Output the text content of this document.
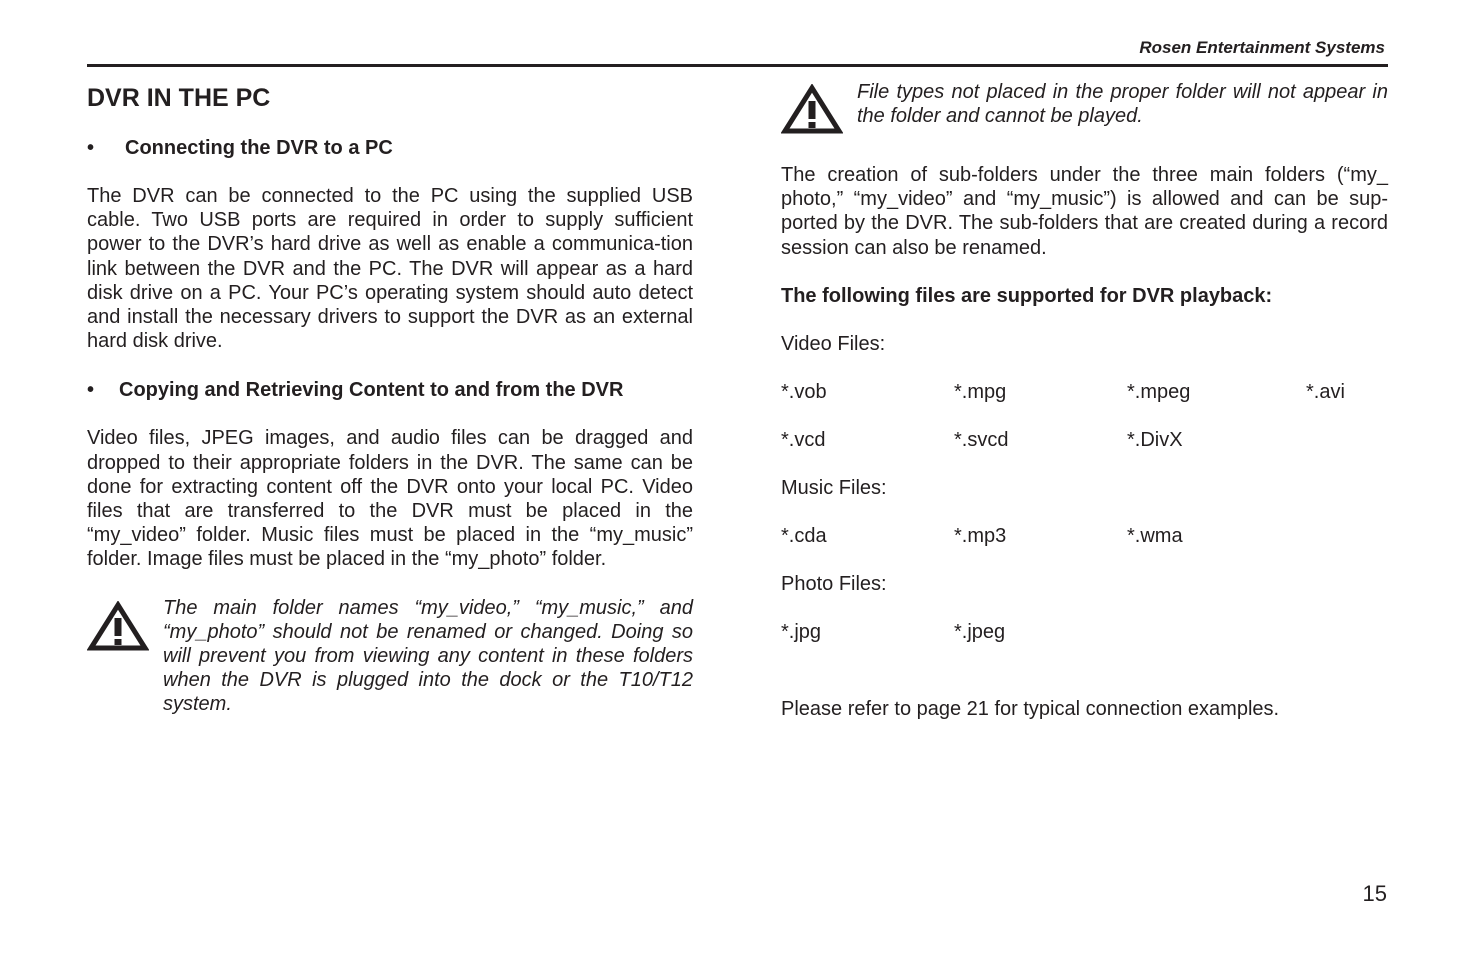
Rosen Entertainment Systems
DVR IN THE PC
•	Connecting the DVR to a PC

The DVR can be connected to the PC using the supplied USB cable. Two USB ports are required in order to supply sufficient power to the DVR’s hard drive as well as enable a communica-tion link between the DVR and the PC. The DVR will appear as a hard disk drive on a PC. Your PC’s operating system should auto detect and install the necessary drivers to support the DVR as an external hard disk drive.

•	Copying and Retrieving Content to and from the DVR

Video files, JPEG images, and audio files can be dragged and dropped to their appropriate folders in the DVR. The same can be done for extracting content off the DVR onto your local PC. Video files that are transferred to the DVR must be placed in the “my_video” folder. Music files must be placed in the “my_music” folder. Image files must be placed in the “my_photo” folder.

The main folder names “my_video,” “my_music,” and “my_photo” should not be renamed or changed. Doing so will prevent you from viewing any content in these folders when the DVR is plugged into the dock or the T10/T12 system.

File types not placed in the proper folder will not appear in the folder and cannot be played.

The creation of sub-folders under the three main folders (“my_ photo,” “my_video” and “my_music”) is allowed and can be sup-ported by the DVR. The sub-folders that are created during a record session can also be renamed.

The following files are supported for DVR playback:
Video Files:
*.vob	*.mpg	*.mpeg	*.avi
*.vcd	*.svcd	*.DivX
Music Files:
*.cda	*.mp3	*.wma
Photo Files:
*.jpg	*.jpeg
Please refer to page 21 for typical connection examples.
15
